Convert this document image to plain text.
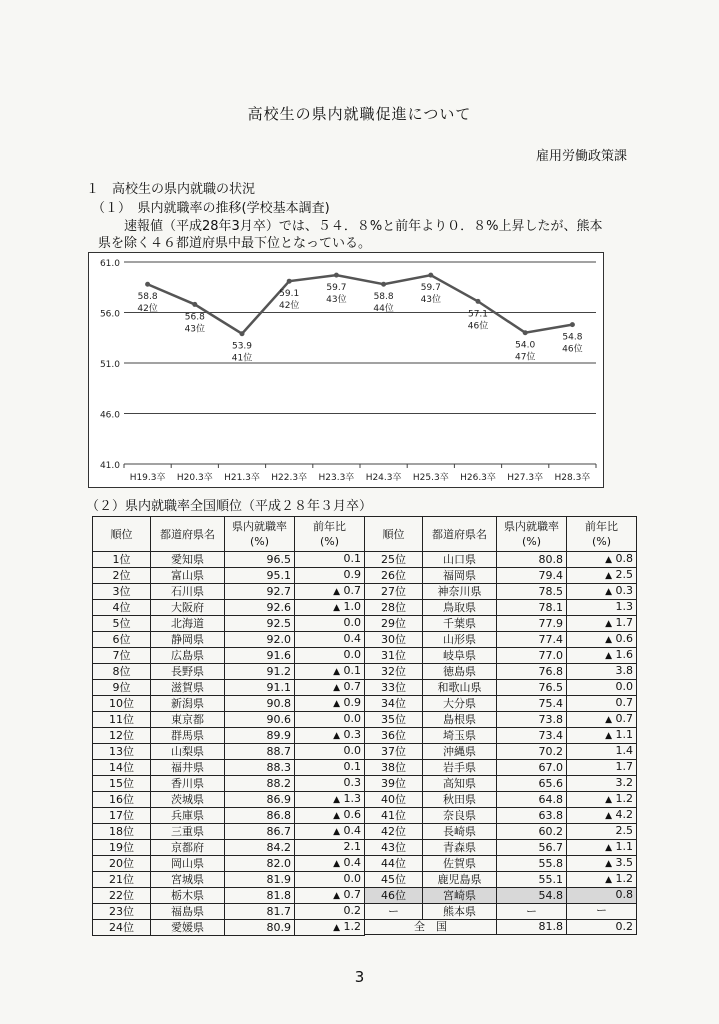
高校生の県内就職促進について
雇用労働政策課
１　高校生の県内就職の状況
（１）　県内就職率の推移(学校基本調査)
速報値（平成28年3月卒）では、５４．８%と前年より０．８%上昇したが、熊本
県を除く４６都道府県中最下位となっている。
61.0
56.0
51.0
46.0
41.0
H19.3卒 H20.3卒 H21.3卒 H22.3卒 H23.3卒 H24.3卒 H25.3卒 H26.3卒 H27.3卒 H28.3卒
58.8
42位
56.8
43位
53.9
41位
59.1
42位
59.7
43位	58.8
44位
59.7
43位
57.1
46位
54.0
47位
54.8
46位
（２）県内就職率全国順位（平成２８年３月卒）
順位	都道府県名	県内就職率
(%)	前年比
(%)
1位	愛知県	96.5	0.1
2位	富山県	95.1	0.9
3位	石川県	92.7	▲ 0.7
4位	大阪府	92.6	▲ 1.0
5位	北海道	92.5	0.0
6位	静岡県	92.0	0.4
7位	広島県	91.6	0.0
8位	長野県	91.2	▲ 0.1
9位	滋賀県	91.1	▲ 0.7
10位	新潟県	90.8	▲ 0.9
11位	東京都	90.6	0.0
12位	群馬県	89.9	▲ 0.3
13位	山梨県	88.7	0.0
14位	福井県	88.3	0.1
15位	香川県	88.2	0.3
16位	茨城県	86.9	▲ 1.3
17位	兵庫県	86.8	▲ 0.6
18位	三重県	86.7	▲ 0.4
19位	京都府	84.2	2.1
20位	岡山県	82.0	▲ 0.4
21位	宮城県	81.9	0.0
22位	栃木県	81.8	▲ 0.7
23位	福島県	81.7	0.2
24位	愛媛県	80.9	▲ 1.2
順位	都道府県名	県内就職率
(%)	前年比
(%)
25位	山口県	80.8	▲ 0.8
26位	福岡県	79.4	▲ 2.5
27位	神奈川県	78.5	▲ 0.3
28位	鳥取県	78.1	1.3
29位	千葉県	77.9	▲ 1.7
30位	山形県	77.4	▲ 0.6
31位	岐阜県	77.0	▲ 1.6
32位	徳島県	76.8	3.8
33位	和歌山県	76.5	0.0
34位	大分県	75.4	0.7
35位	島根県	73.8	▲ 0.7
36位	埼玉県	73.4	▲ 1.1
37位	沖縄県	70.2	1.4
38位	岩手県	67.0	1.7
39位	高知県	65.6	3.2
40位	秋田県	64.8	▲ 1.2
41位	奈良県	63.8	▲ 4.2
42位	長崎県	60.2	2.5
43位	青森県	56.7	▲ 1.1
44位	佐賀県	55.8	▲ 3.5
45位	鹿児島県	55.1	▲ 1.2
46位	宮崎県	54.8	0.8
ー	熊本県	ー	ー
全　国		81.8	0.2
3
